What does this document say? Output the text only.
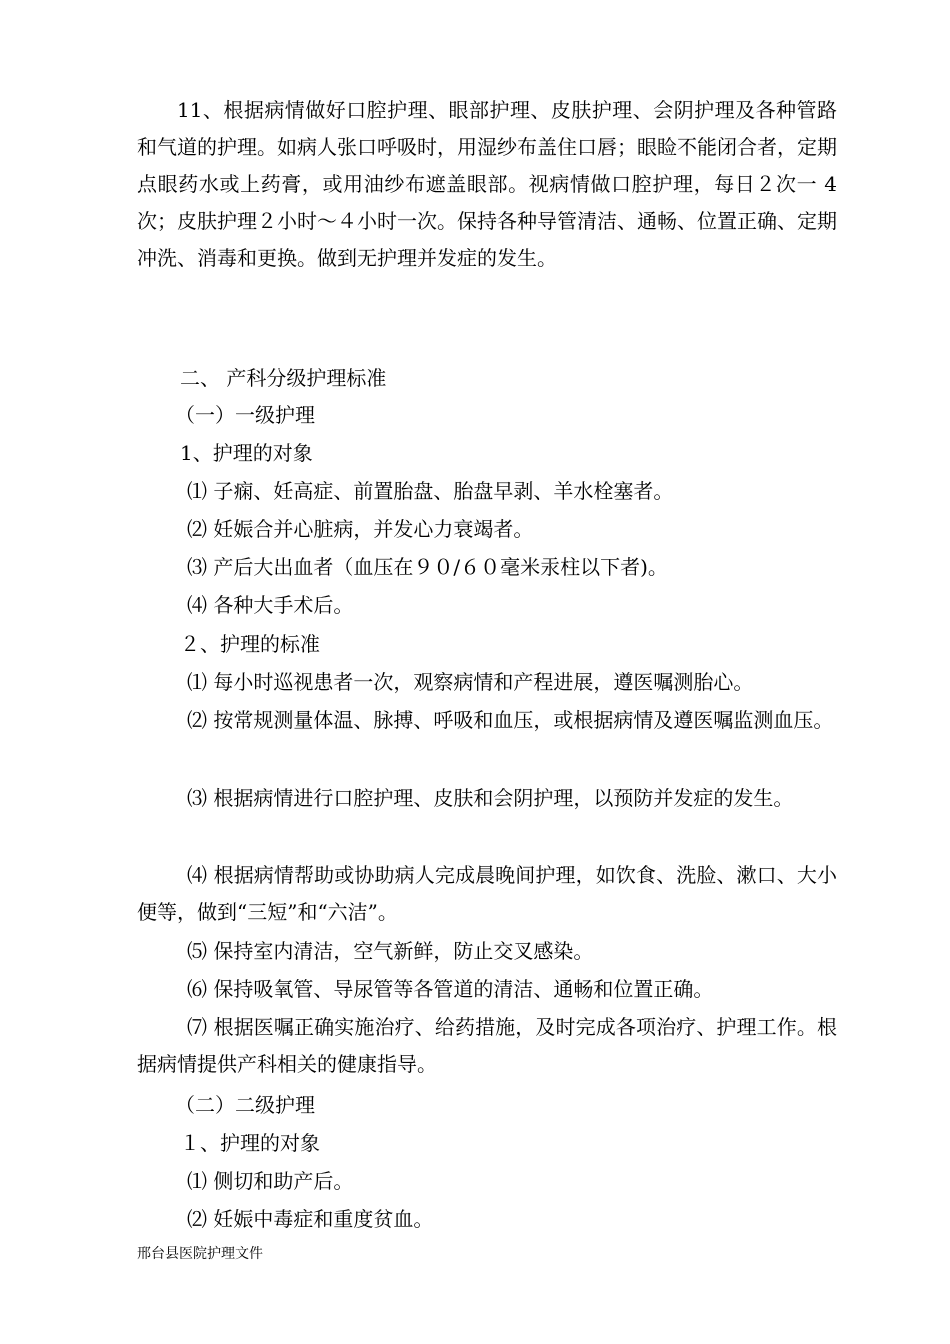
11、根据病情做好口腔护理、眼部护理、皮肤护理、会阴护理及各种管路和气道的护理。如病人张口呼吸时，用湿纱布盖住口唇；眼睑不能闭合者，定期点眼药水或上药膏，或用油纱布遮盖眼部。视病情做口腔护理，每日２次一 4 次；皮肤护理２小时～４小时一次。保持各种导管清洁、通畅、位置正确、定期冲洗、消毒和更换。做到无护理并发症的发生。

二、 产科分级护理标准

（一）一级护理

1、护理的对象

⑴ 子痫、妊高症、前置胎盘、胎盘早剥、羊水栓塞者。

⑵ 妊娠合并心脏病，并发心力衰竭者。

⑶ 产后大出血者（血压在９０/６０毫米汞柱以下者)。

⑷ 各种大手术后。

２、护理的标准

⑴ 每小时巡视患者一次，观察病情和产程进展，遵医嘱测胎心。

⑵ 按常规测量体温、脉搏、呼吸和血压，或根据病情及遵医嘱监测血压。

⑶ 根据病情进行口腔护理、皮肤和会阴护理，以预防并发症的发生。

⑷ 根据病情帮助或协助病人完成晨晚间护理，如饮食、洗脸、漱口、大小便等，做到“三短”和“六洁”。

⑸ 保持室内清洁，空气新鲜，防止交叉感染。

⑹ 保持吸氧管、导尿管等各管道的清洁、通畅和位置正确。

⑺ 根据医嘱正确实施治疗、给药措施，及时完成各项治疗、护理工作。根据病情提供产科相关的健康指导。

（二）二级护理

１、护理的对象

⑴ 侧切和助产后。

⑵ 妊娠中毒症和重度贫血。

邢台县医院护理文件
